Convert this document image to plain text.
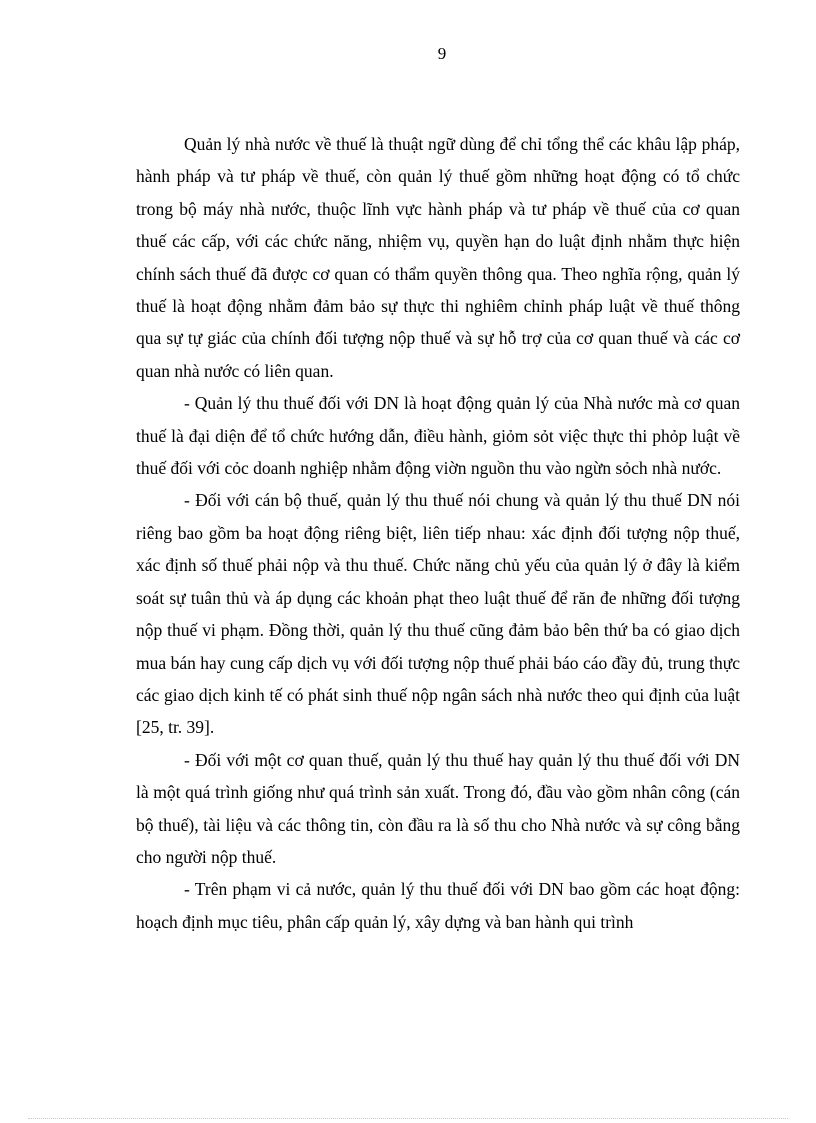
9

Quản lý nhà nước về thuế là thuật ngữ dùng để chỉ tổng thể các khâu lập pháp, hành pháp và tư pháp về thuế, còn quản lý thuế gồm những hoạt động có tổ chức trong bộ máy nhà nước, thuộc lĩnh vực hành pháp và tư pháp về thuế của cơ quan thuế các cấp, với các chức năng, nhiệm vụ, quyền hạn do luật định nhằm thực hiện chính sách thuế đã được cơ quan có thẩm quyền thông qua. Theo nghĩa rộng, quản lý thuế là hoạt động nhằm đảm bảo sự thực thi nghiêm chỉnh pháp luật về thuế thông qua sự tự giác của chính đối tượng nộp thuế và sự hỗ trợ của cơ quan thuế và các cơ quan nhà nước có liên quan.

- Quản lý thu thuế đối với DN là hoạt động quản lý của Nhà nước mà cơ quan thuế là đại diện để tổ chức hướng dẫn, điều hành, giỏm sỏt việc thực thi phỏp luật về thuế đối với cỏc doanh nghiệp nhằm động viờn nguồn thu vào ngừn sỏch nhà nước.

- Đối với cán bộ thuế, quản lý thu thuế nói chung và quản lý thu thuế DN nói riêng bao gồm ba hoạt động riêng biệt, liên tiếp nhau: xác định đối tượng nộp thuế, xác định số thuế phải nộp và thu thuế. Chức năng chủ yếu của quản lý ở đây là kiểm soát sự tuân thủ và áp dụng các khoản phạt theo luật thuế để răn đe những đối tượng nộp thuế vi phạm. Đồng thời, quản lý thu thuế cũng đảm bảo bên thứ ba có giao dịch mua bán hay cung cấp dịch vụ với đối tượng nộp thuế phải báo cáo đầy đủ, trung thực các giao dịch kinh tế có phát sinh thuế nộp ngân sách nhà nước theo qui định của luật [25, tr. 39].

- Đối với một cơ quan thuế, quản lý thu thuế hay quản lý thu thuế đối với DN là một quá trình giống như quá trình sản xuất. Trong đó, đầu vào gồm nhân công (cán bộ thuế), tài liệu và các thông tin, còn đầu ra là số thu cho Nhà nước và sự công bằng cho người nộp thuế.

- Trên phạm vi cả nước, quản lý thu thuế đối với DN bao gồm các hoạt động: hoạch định mục tiêu, phân cấp quản lý, xây dựng và ban hành qui trình
